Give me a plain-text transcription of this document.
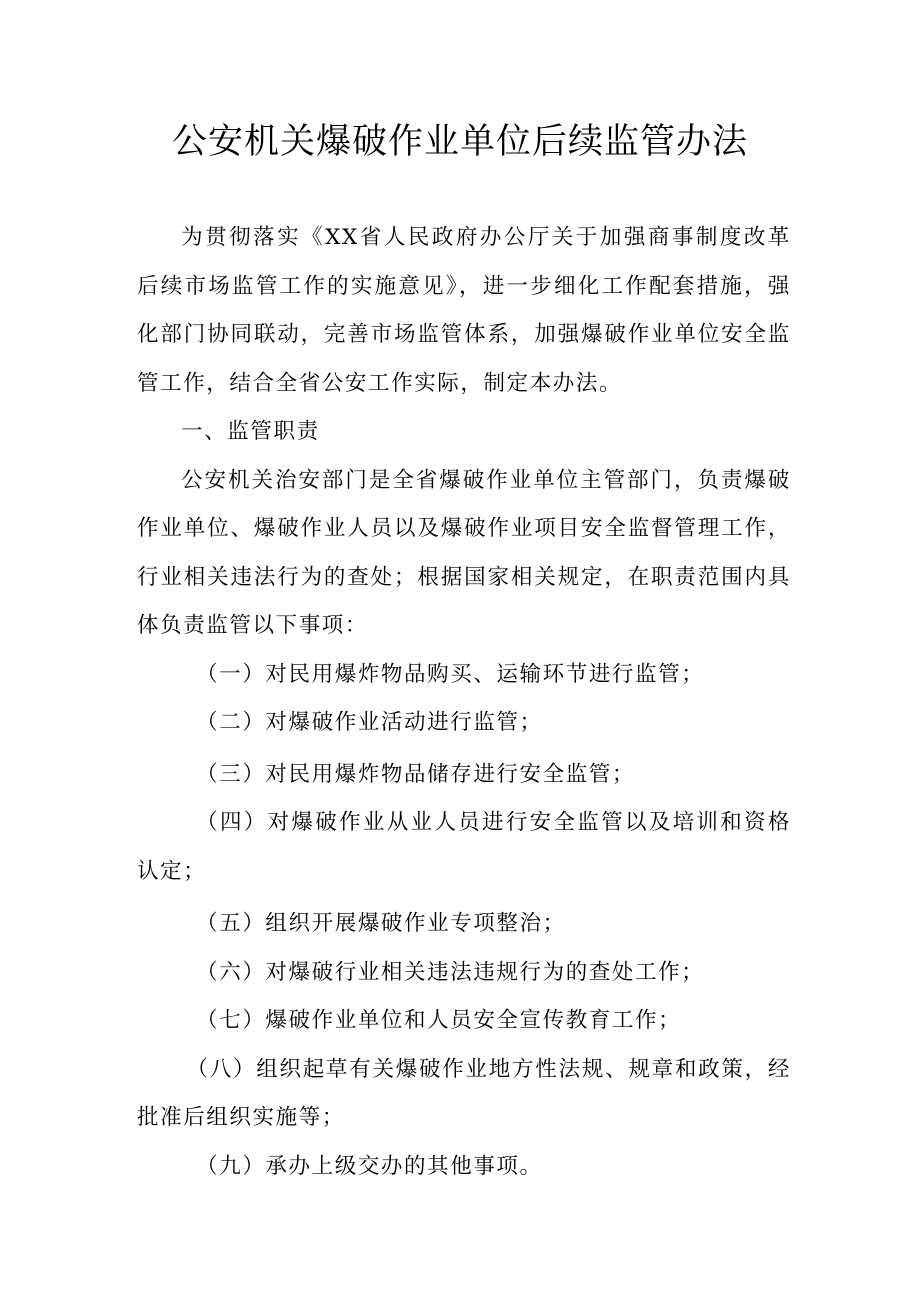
公安机关爆破作业单位后续监管办法

为贯彻落实《XX省人民政府办公厅关于加强商事制度改革后续市场监管工作的实施意见》，进一步细化工作配套措施，强化部门协同联动，完善市场监管体系，加强爆破作业单位安全监管工作，结合全省公安工作实际，制定本办法。

一、监管职责

公安机关治安部门是全省爆破作业单位主管部门，负责爆破作业单位、爆破作业人员以及爆破作业项目安全监督管理工作，行业相关违法行为的查处；根据国家相关规定，在职责范围内具体负责监管以下事项：

（一）对民用爆炸物品购买、运输环节进行监管；

（二）对爆破作业活动进行监管；

（三）对民用爆炸物品储存进行安全监管；

（四）对爆破作业从业人员进行安全监管以及培训和资格认定；

（五）组织开展爆破作业专项整治；

（六）对爆破行业相关违法违规行为的查处工作；

（七）爆破作业单位和人员安全宣传教育工作；

（八）组织起草有关爆破作业地方性法规、规章和政策，经批准后组织实施等；

（九）承办上级交办的其他事项。
